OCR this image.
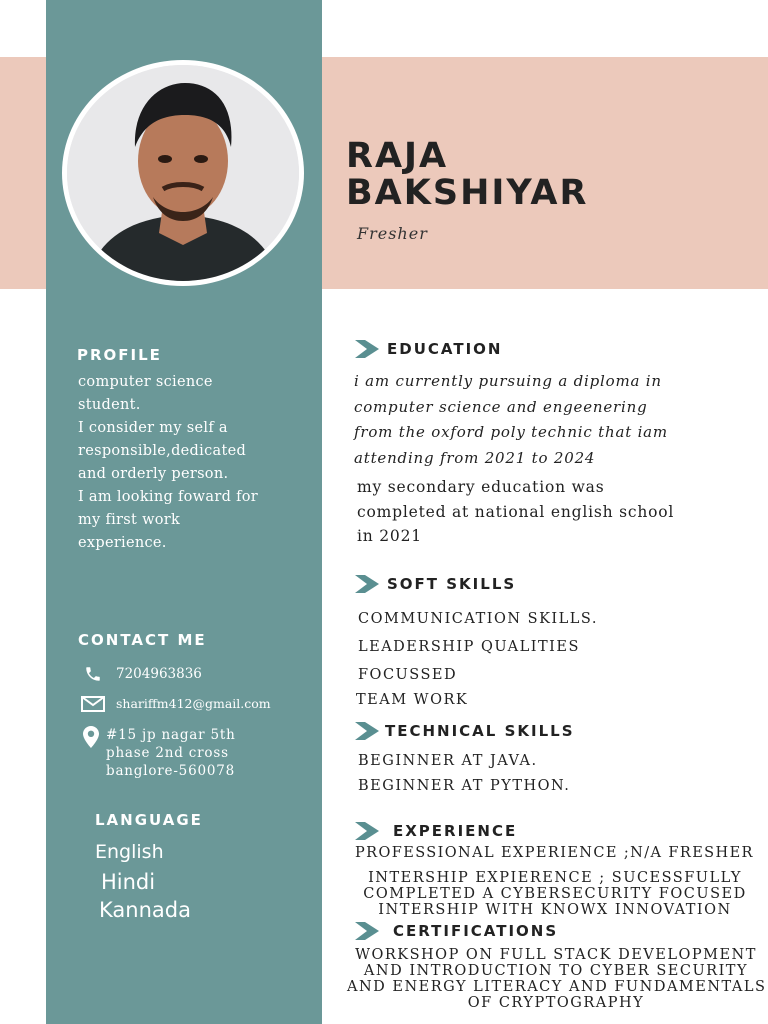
RAJA
BAKSHIYAR
Fresher
PROFILE
computer science
student.
I consider my self a
responsible,dedicated
and orderly person.
I am looking foward for
my first work
experience.
CONTACT ME
7204963836
shariffm412@gmail.com
#15 jp nagar 5th
phase 2nd cross
banglore-560078
LANGUAGE
English
Hindi
Kannada
EDUCATION
i am currently pursuing a diploma in
computer science and engeenering
from the oxford poly technic that iam
attending from 2021 to 2024
my secondary education was
completed at national english school
in 2021
SOFT SKILLS
COMMUNICATION SKILLS.
LEADERSHIP QUALITIES
FOCUSSED
TEAM WORK
TECHNICAL SKILLS
BEGINNER AT JAVA.
BEGINNER AT PYTHON.
EXPERIENCE
PROFESSIONAL EXPERIENCE ;N/A FRESHER
INTERSHIP EXPIERENCE ; SUCESSFULLY
COMPLETED A CYBERSECURITY FOCUSED
INTERSHIP WITH KNOWX INNOVATION
CERTIFICATIONS
WORKSHOP ON FULL STACK DEVELOPMENT
AND INTRODUCTION TO CYBER SECURITY
AND ENERGY LITERACY AND FUNDAMENTALS
OF CRYPTOGRAPHY
